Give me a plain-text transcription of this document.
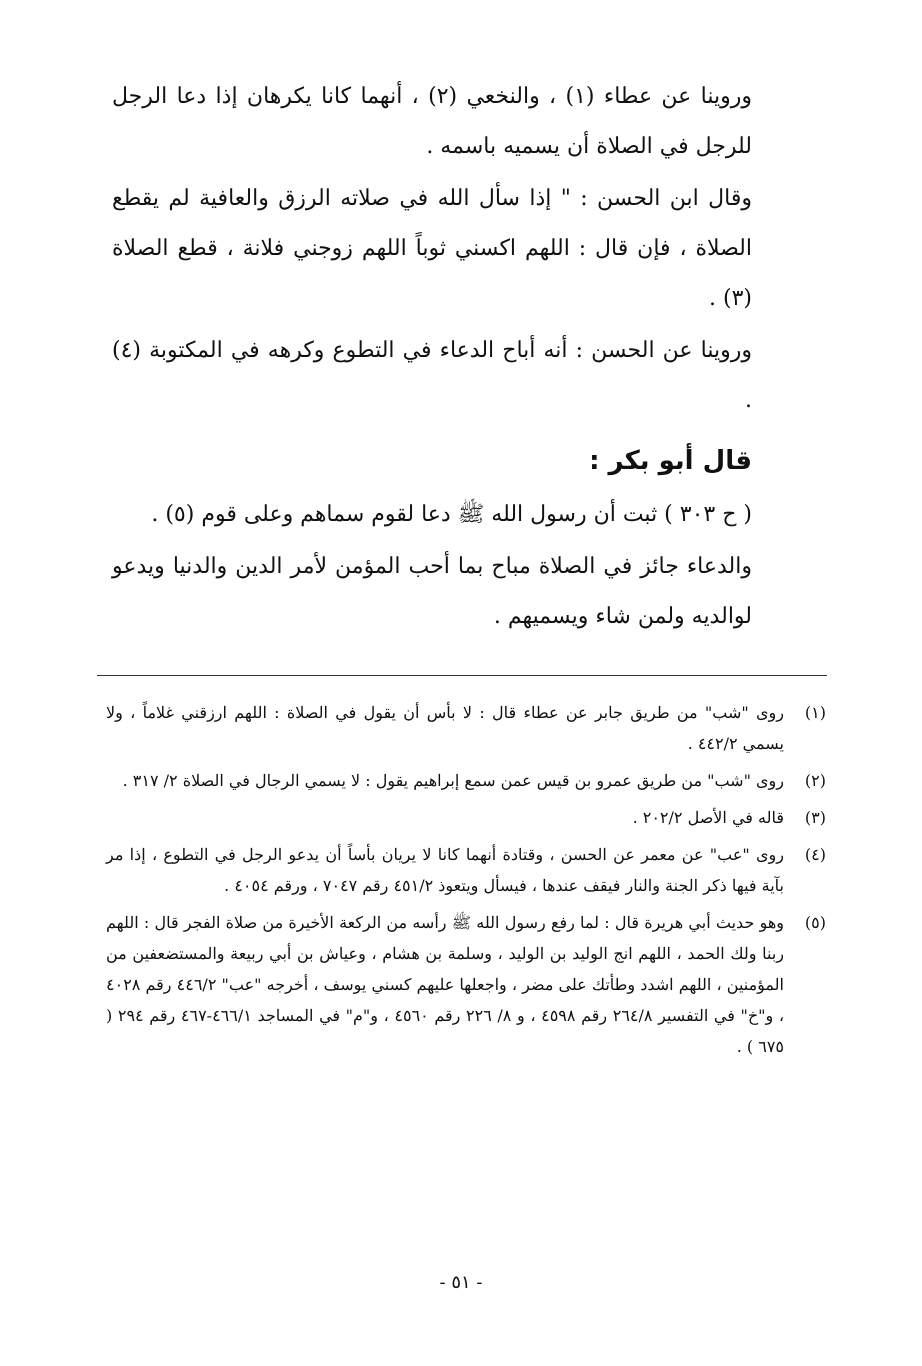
وروينا عن عطاء (١) ، والنخعي (٢) ، أنهما كانا يكرهان إذا دعا الرجل للرجل في الصلاة أن يسميه باسمه .

وقال ابن الحسن : " إذا سأل الله في صلاته الرزق والعافية لم يقطع الصلاة ، فإن قال : اللهم اكسني ثوباً اللهم زوجني فلانة ، قطع الصلاة (٣) .

وروينا عن الحسن : أنه أباح الدعاء في التطوع وكرهه في المكتوبة (٤) .

قال أبو بكر :

( ح ٣٠٣ ) ثبت أن رسول الله ﷺ دعا لقوم سماهم وعلى قوم (٥) .

والدعاء جائز في الصلاة مباح بما أحب المؤمن لأمر الدين والدنيا ويدعو لوالديه ولمن شاء ويسميهم .

(١)
روى "شب" من طريق جابر عن عطاء قال : لا بأس أن يقول في الصلاة : اللهم ارزقني غلاماً ، ولا يسمي ٤٤٢/٢ .
(٢)
روى "شب" من طريق عمرو بن قيس عمن سمع إبراهيم يقول : لا يسمي الرجال في الصلاة ٢/ ٣١٧ .
(٣)
قاله في الأصل ٢٠٢/٢ .
(٤)
روى "عب" عن معمر عن الحسن ، وقتادة أنهما كانا لا يريان بأساً أن يدعو الرجل في التطوع ، إذا مر بآية فيها ذكر الجنة والنار فيقف عندها ، فيسأل ويتعوذ ٤٥١/٢ رقم ٧٠٤٧ ، ورقم ٤٠٥٤ .
(٥)
وهو حديث أبي هريرة قال : لما رفع رسول الله ﷺ رأسه من الركعة الأخيرة من صلاة الفجر قال : اللهم ربنا ولك الحمد ، اللهم انج الوليد بن الوليد ، وسلمة بن هشام ، وعياش بن أبي ربيعة والمستضعفين من المؤمنين ، اللهم اشدد وطأتك على مضر ، واجعلها عليهم كسني يوسف ، أخرجه "عب" ٤٤٦/٢ رقم ٤٠٢٨ ، و"خ" في التفسير ٢٦٤/٨ رقم ٤٥٩٨ ، و ٨/ ٢٢٦ رقم ٤٥٦٠ ، و"م" في المساجد ٤٦٦/١-٤٦٧ رقم ٢٩٤ ( ٦٧٥ ) .
- ٥١ -
